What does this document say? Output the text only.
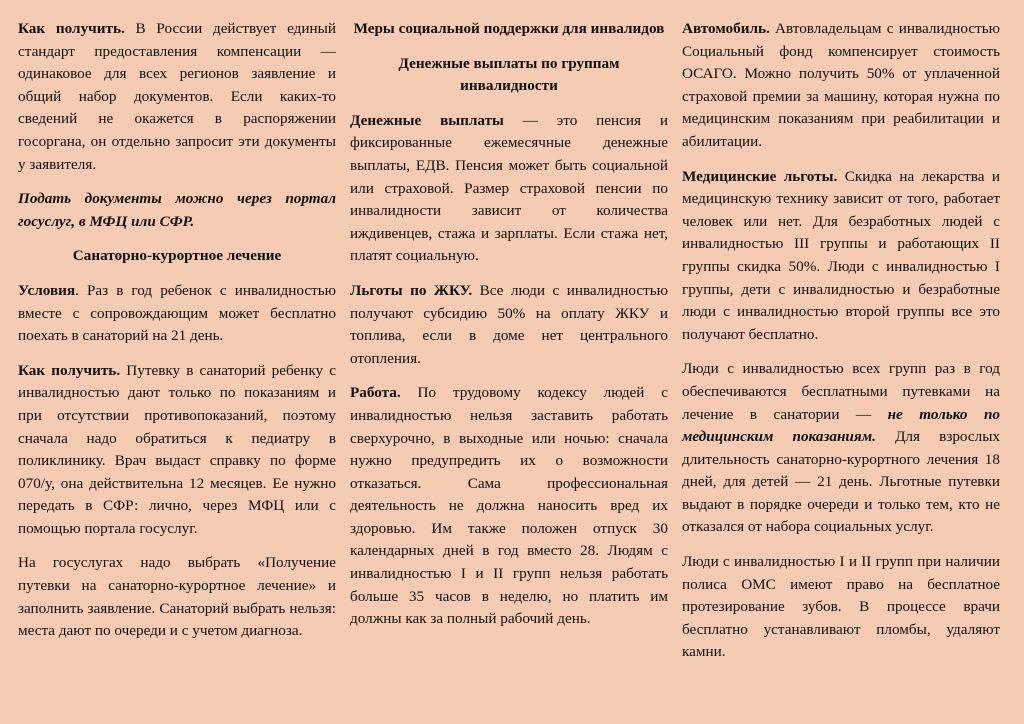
Как получить. В России действует единый стандарт предоставления компенсации — одинаковое для всех регионов заявление и общий набор документов. Если каких-то сведений не окажется в распоряжении госоргана, он отдельно запросит эти документы у заявителя.

Подать документы можно через портал госуслуг, в МФЦ или СФР.

Санаторно-курортное лечение

Условия. Раз в год ребенок с инвалидностью вместе с сопровождающим может бесплатно поехать в санаторий на 21 день.

Как получить. Путевку в санаторий ребенку с инвалидностью дают только по показаниям и при отсутствии противопоказаний, поэтому сначала надо обратиться к педиатру в поликлинику. Врач выдаст справку по форме 070/у, она действительна 12 месяцев. Ее нужно передать в СФР: лично, через МФЦ или с помощью портала госуслуг.

На госуслугах надо выбрать «Получение путевки на санаторно-курортное лечение» и заполнить заявление. Санаторий выбрать нельзя: места дают по очереди и с учетом диагноза.

Меры социальной поддержки для инвалидов

Денежные выплаты по группам инвалидности

Денежные выплаты — это пенсия и фиксированные ежемесячные денежные выплаты, ЕДВ. Пенсия может быть социальной или страховой. Размер страховой пенсии по инвалидности зависит от количества иждивенцев, стажа и зарплаты. Если стажа нет, платят социальную.

Льготы по ЖКУ. Все люди с инвалидностью получают субсидию 50% на оплату ЖКУ и топлива, если в доме нет центрального отопления.

Работа. По трудовому кодексу людей с инвалидностью нельзя заставить работать сверхурочно, в выходные или ночью: сначала нужно предупредить их о возможности отказаться. Сама профессиональная деятельность не должна наносить вред их здоровью. Им также положен отпуск 30 календарных дней в год вместо 28. Людям с инвалидностью I и II групп нельзя работать больше 35 часов в неделю, но платить им должны как за полный рабочий день.

Автомобиль. Автовладельцам с инвалидностью Социальный фонд компенсирует стоимость ОСАГО. Можно получить 50% от уплаченной страховой премии за машину, которая нужна по медицинским показаниям при реабилитации и абилитации.

Медицинские льготы. Скидка на лекарства и медицинскую технику зависит от того, работает человек или нет. Для безработных людей с инвалидностью III группы и работающих II группы скидка 50%. Люди с инвалидностью I группы, дети с инвалидностью и безработные люди с инвалидностью второй группы все это получают бесплатно.

Люди с инвалидностью всех групп раз в год обеспечиваются бесплатными путевками на лечение в санатории — не только по медицинским показаниям. Для взрослых длительность санаторно-курортного лечения 18 дней, для детей — 21 день. Льготные путевки выдают в порядке очереди и только тем, кто не отказался от набора социальных услуг.

Люди с инвалидностью I и II групп при наличии полиса ОМС имеют право на бесплатное протезирование зубов. В процессе врачи бесплатно устанавливают пломбы, удаляют камни.
